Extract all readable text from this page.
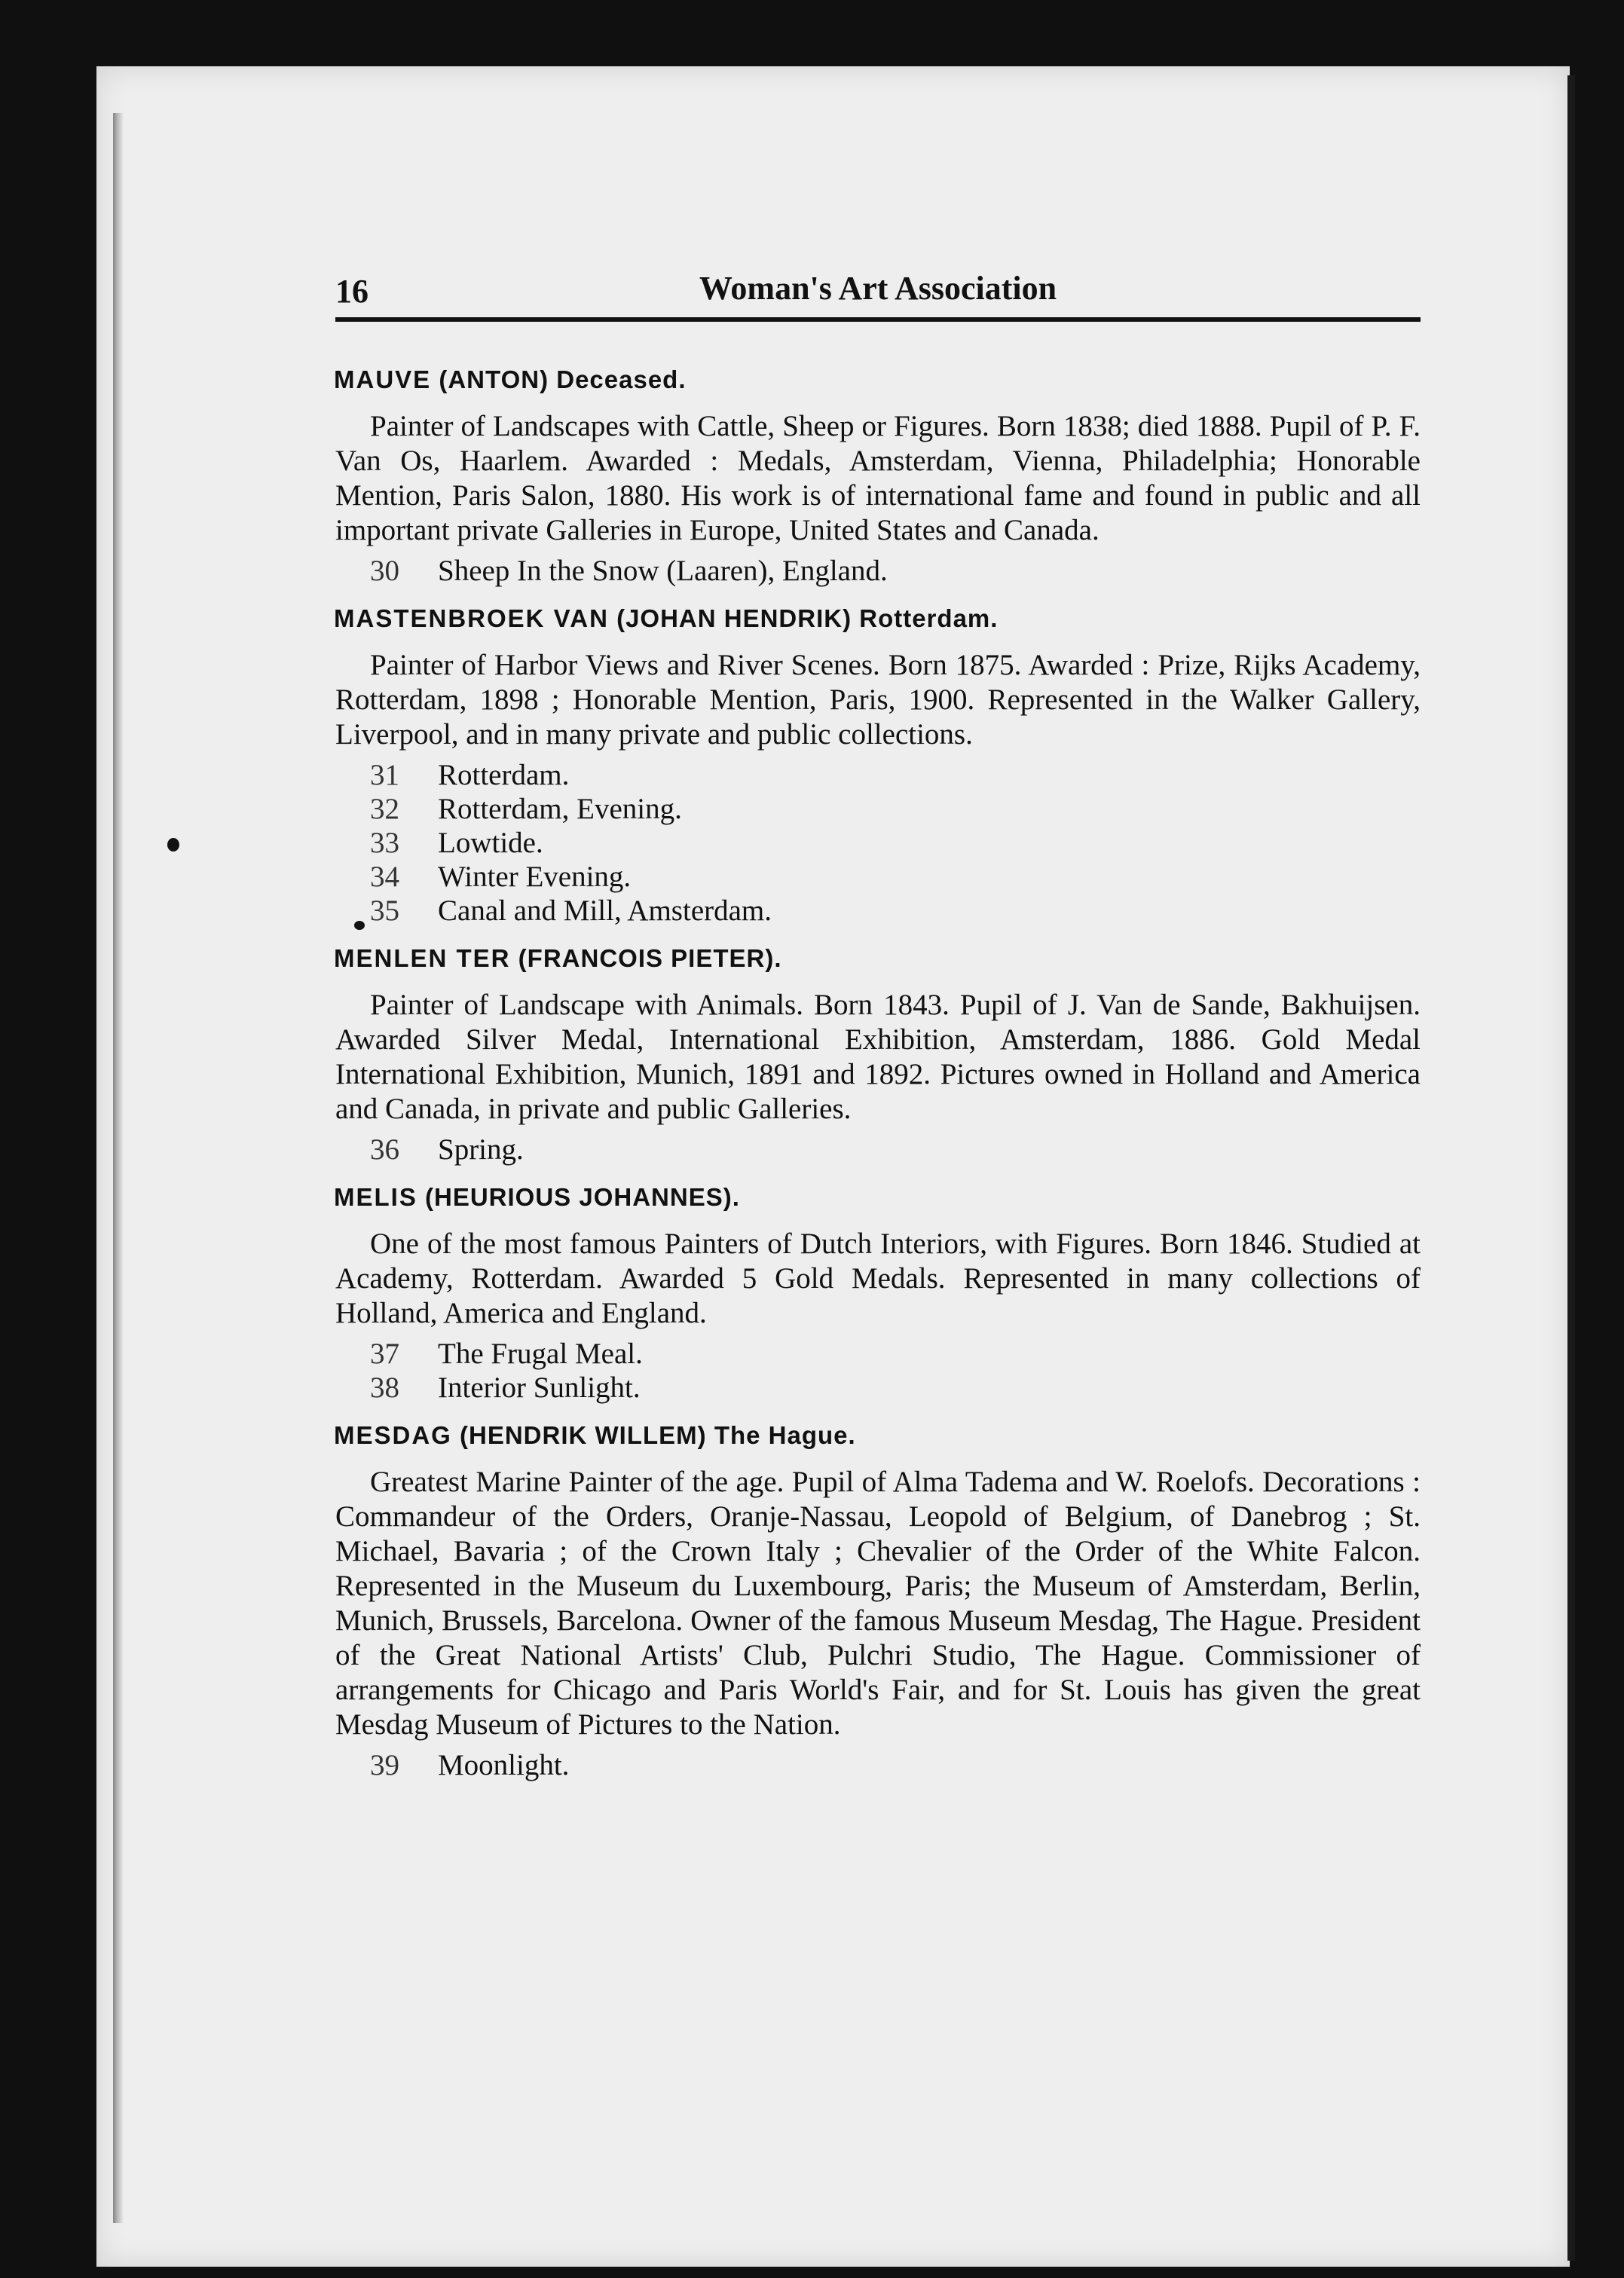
16	Woman's Art Association
MAUVE (ANTON) Deceased.

Painter of Landscapes with Cattle, Sheep or Figures. Born 1838; died 1888. Pupil of P. F. Van Os, Haarlem. Awarded : Medals, Amsterdam, Vienna, Philadelphia; Honorable Mention, Paris Salon, 1880. His work is of international fame and found in public and all important private Galleries in Europe, United States and Canada.

30	Sheep In the Snow (Laaren), England.
MASTENBROEK VAN (JOHAN HENDRIK) Rotterdam.

Painter of Harbor Views and River Scenes. Born 1875. Awarded : Prize, Rijks Academy, Rotterdam, 1898 ; Honorable Mention, Paris, 1900. Represented in the Walker Gallery, Liverpool, and in many private and public collections.

31	Rotterdam.
32	Rotterdam, Evening.
33	Lowtide.
34	Winter Evening.
35	Canal and Mill, Amsterdam.
MENLEN TER (FRANCOIS PIETER).

Painter of Landscape with Animals. Born 1843. Pupil of J. Van de Sande, Bakhuijsen. Awarded Silver Medal, International Exhibition, Amsterdam, 1886. Gold Medal International Exhibition, Munich, 1891 and 1892. Pictures owned in Holland and America and Canada, in private and public Galleries.

36	Spring.
MELIS (HEURIOUS JOHANNES).

One of the most famous Painters of Dutch Interiors, with Figures. Born 1846. Studied at Academy, Rotterdam. Awarded 5 Gold Medals. Represented in many collections of Holland, America and England.

37	The Frugal Meal.
38	Interior Sunlight.
MESDAG (HENDRIK WILLEM) The Hague.

Greatest Marine Painter of the age. Pupil of Alma Tadema and W. Roelofs. Decorations : Commandeur of the Orders, Oranje-Nassau, Leopold of Belgium, of Danebrog ; St. Michael, Bavaria ; of the Crown Italy ; Chevalier of the Order of the White Falcon. Represented in the Museum du Luxembourg, Paris; the Museum of Amsterdam, Berlin, Munich, Brussels, Barcelona. Owner of the famous Museum Mesdag, The Hague. President of the Great National Artists' Club, Pulchri Studio, The Hague. Commissioner of arrangements for Chicago and Paris World's Fair, and for St. Louis has given the great Mesdag Museum of Pictures to the Nation.

39	Moonlight.
